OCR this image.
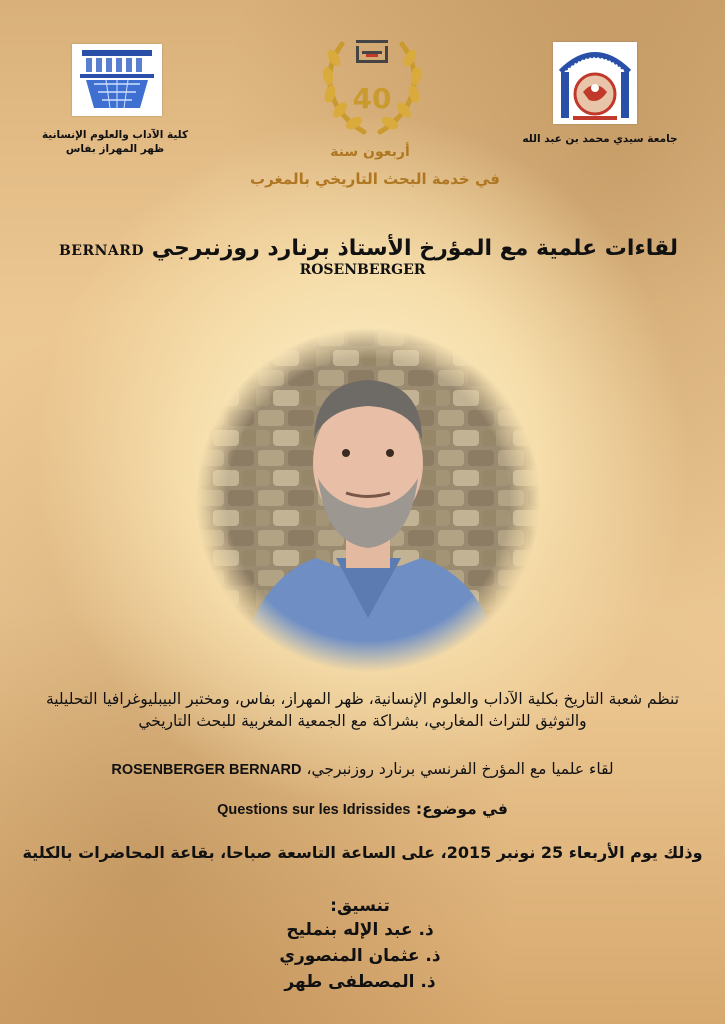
كلية الآداب والعلوم الإنسانية
ظهر المهراز بفاس
40
أربعون سنة
في خدمة البحث التاريخي بالمغرب
جامعة سيدي محمد بن عبد الله
لقاءات علمية مع المؤرخ الأستاذ برنارد روزنبرجي BERNARD
ROSENBERGER
تنظم شعبة التاريخ بكلية الآداب والعلوم الإنسانية، ظهر المهراز، بفاس، ومختبر البيبليوغرافيا التحليلية والتوثيق للتراث المغاربي، بشراكة مع الجمعية المغربية للبحث التاريخي
لقاء علميا مع المؤرخ الفرنسي برنارد روزنبرجي، ROSENBERGER BERNARD
في موضوع: Questions sur les Idrissides
وذلك يوم الأربعاء 25 نونبر 2015، على الساعة التاسعة صباحا، بقاعة المحاضرات بالكلية
تنسيق:
ذ. عبد الإله بنمليح
ذ. عثمان المنصوري
ذ. المصطفى طهر
